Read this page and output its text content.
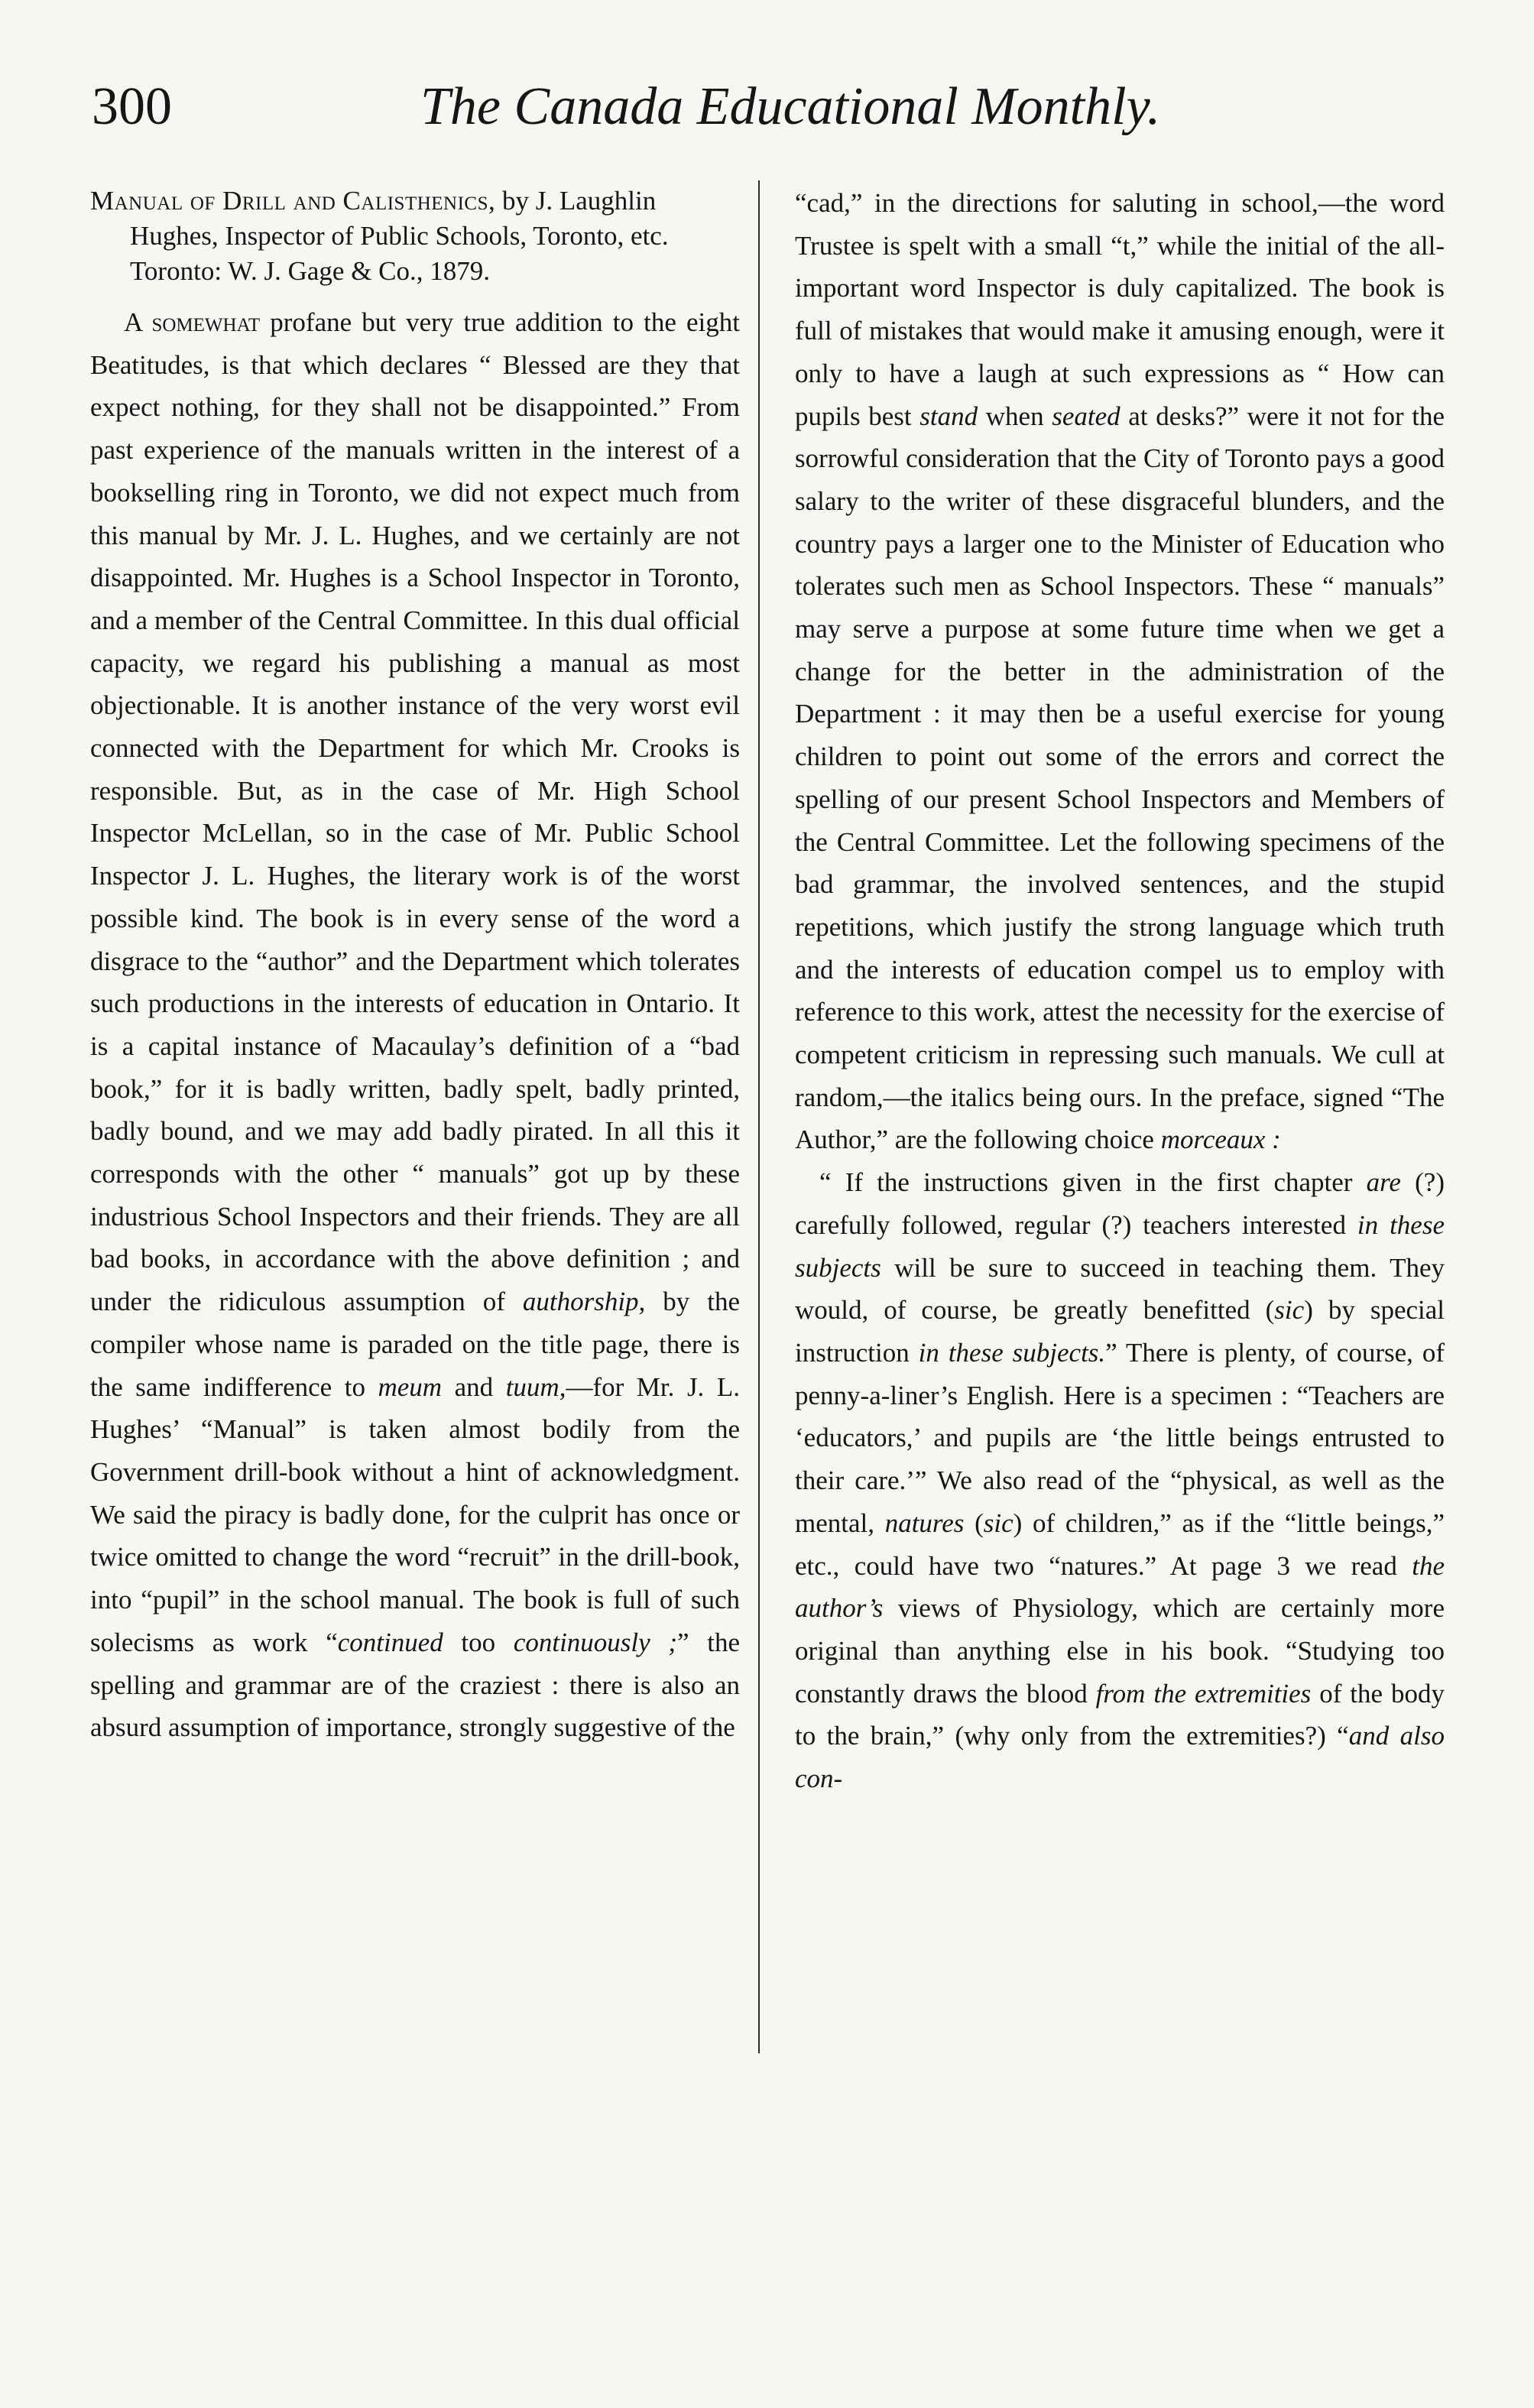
300	The Canada Educational Monthly.

Manual of Drill and Calisthenics, by J. Laughlin Hughes, Inspector of Public Schools, Toronto, etc. Toronto: W. J. Gage & Co., 1879.

A somewhat profane but very true addition to the eight Beatitudes, is that which declares “ Blessed are they that expect nothing, for they shall not be disappointed.” From past experience of the manuals written in the interest of a bookselling ring in Toronto, we did not expect much from this manual by Mr. J. L. Hughes, and we certainly are not disappointed. Mr. Hughes is a School Inspector in Toronto, and a member of the Central Committee. In this dual official capacity, we regard his publishing a manual as most objectionable. It is another instance of the very worst evil connected with the Department for which Mr. Crooks is responsible. But, as in the case of Mr. High School Inspector McLellan, so in the case of Mr. Public School Inspector J. L. Hughes, the literary work is of the worst possible kind. The book is in every sense of the word a disgrace to the “author” and the Department which tolerates such productions in the interests of education in Ontario. It is a capital instance of Macaulay’s definition of a “bad book,” for it is badly written, badly spelt, badly printed, badly bound, and we may add badly pirated. In all this it corresponds with the other “ manuals” got up by these industrious School Inspectors and their friends. They are all bad books, in accordance with the above definition ; and under the ridiculous assumption of authorship, by the compiler whose name is paraded on the title page, there is the same indifference to meum and tuum,—for Mr. J. L. Hughes’ “Manual” is taken almost bodily from the Government drill-book without a hint of acknowledgment. We said the piracy is badly done, for the culprit has once or twice omitted to change the word “recruit” in the drill-book, into “pupil” in the school manual. The book is full of such solecisms as work “continued too continuously ;” the spelling and grammar are of the craziest : there is also an absurd assumption of importance, strongly suggestive of the

“cad,” in the directions for saluting in school,—the word Trustee is spelt with a small “t,” while the initial of the all-important word Inspector is duly capitalized. The book is full of mistakes that would make it amusing enough, were it only to have a laugh at such expressions as “ How can pupils best stand when seated at desks?” were it not for the sorrowful consideration that the City of Toronto pays a good salary to the writer of these disgraceful blunders, and the country pays a larger one to the Minister of Education who tolerates such men as School Inspectors. These “ manuals” may serve a purpose at some future time when we get a change for the better in the administration of the Department : it may then be a useful exercise for young children to point out some of the errors and correct the spelling of our present School Inspectors and Members of the Central Committee. Let the following specimens of the bad grammar, the involved sentences, and the stupid repetitions, which justify the strong language which truth and the interests of education compel us to employ with reference to this work, attest the necessity for the exercise of competent criticism in repressing such manuals. We cull at random,—the italics being ours. In the preface, signed “The Author,” are the following choice morceaux :

“ If the instructions given in the first chapter are (?) carefully followed, regular (?) teachers interested in these subjects will be sure to succeed in teaching them. They would, of course, be greatly benefitted (sic) by special instruction in these subjects.” There is plenty, of course, of penny-a-liner’s English. Here is a specimen : “Teachers are ‘educators,’ and pupils are ‘the little beings entrusted to their care.’” We also read of the “physical, as well as the mental, natures (sic) of children,” as if the “little beings,” etc., could have two “natures.” At page 3 we read the author’s views of Physiology, which are certainly more original than anything else in his book. “Studying too constantly draws the blood from the extremities of the body to the brain,” (why only from the extremities?) “and also con-
